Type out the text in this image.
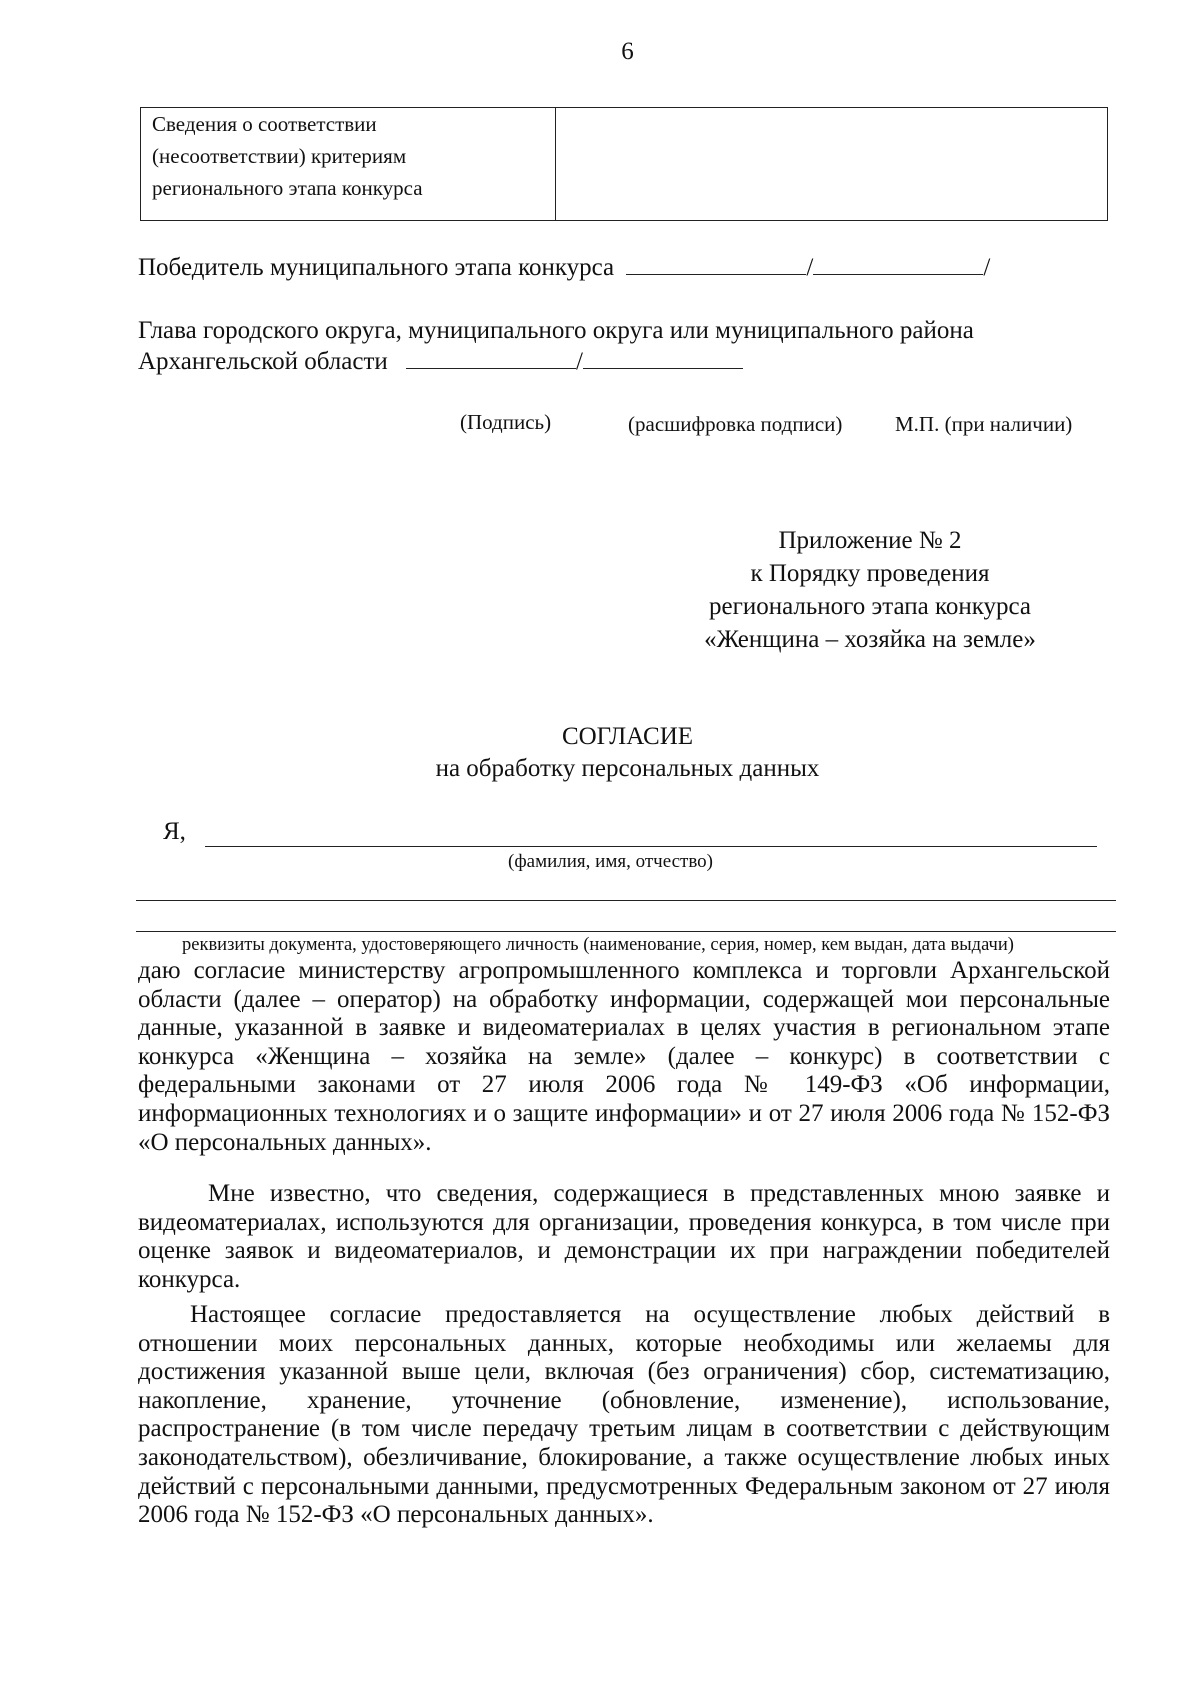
6
Сведения о соответствии
(несоответствии) критериям
регионального этапа конкурса
Победитель муниципального этапа конкурса	/	/
Глава городского округа, муниципального округа или муниципального района
Архангельской области	/
(Подпись)	(расшифровка подписи)	М.П. (при наличии)
Приложение № 2
к Порядку проведения
регионального этапа конкурса
«Женщина – хозяйка на земле»
СОГЛАСИЕ
на обработку персональных данных
Я,
(фамилия, имя, отчество)
реквизиты документа, удостоверяющего личность (наименование, серия, номер, кем выдан, дата выдачи)
даю согласие министерству агропромышленного комплекса и торговли Архангельской области (далее – оператор) на обработку информации, содержащей мои персональные данные, указанной в заявке и видеоматериалах в целях участия в региональном этапе конкурса «Женщина – хозяйка на земле» (далее – конкурс) в соответствии с федеральными законами от 27 июля 2006 года № 149-ФЗ «Об информации, информационных технологиях и о защите информации» и от 27 июля 2006 года № 152-ФЗ «О персональных данных».
Мне известно, что сведения, содержащиеся в представленных мною заявке и видеоматериалах, используются для организации, проведения конкурса, в том числе при оценке заявок и видеоматериалов, и демонстрации их при награждении победителей конкурса.
Настоящее согласие предоставляется на осуществление любых действий в отношении моих персональных данных, которые необходимы или желаемы для достижения указанной выше цели, включая (без ограничения) сбор, систематизацию, накопление, хранение, уточнение (обновление, изменение), использование, распространение (в том числе передачу третьим лицам в соответствии с действующим законодательством), обезличивание, блокирование, а также осуществление любых иных действий с персональными данными, предусмотренных Федеральным законом от 27 июля 2006 года № 152-ФЗ «О персональных данных».
